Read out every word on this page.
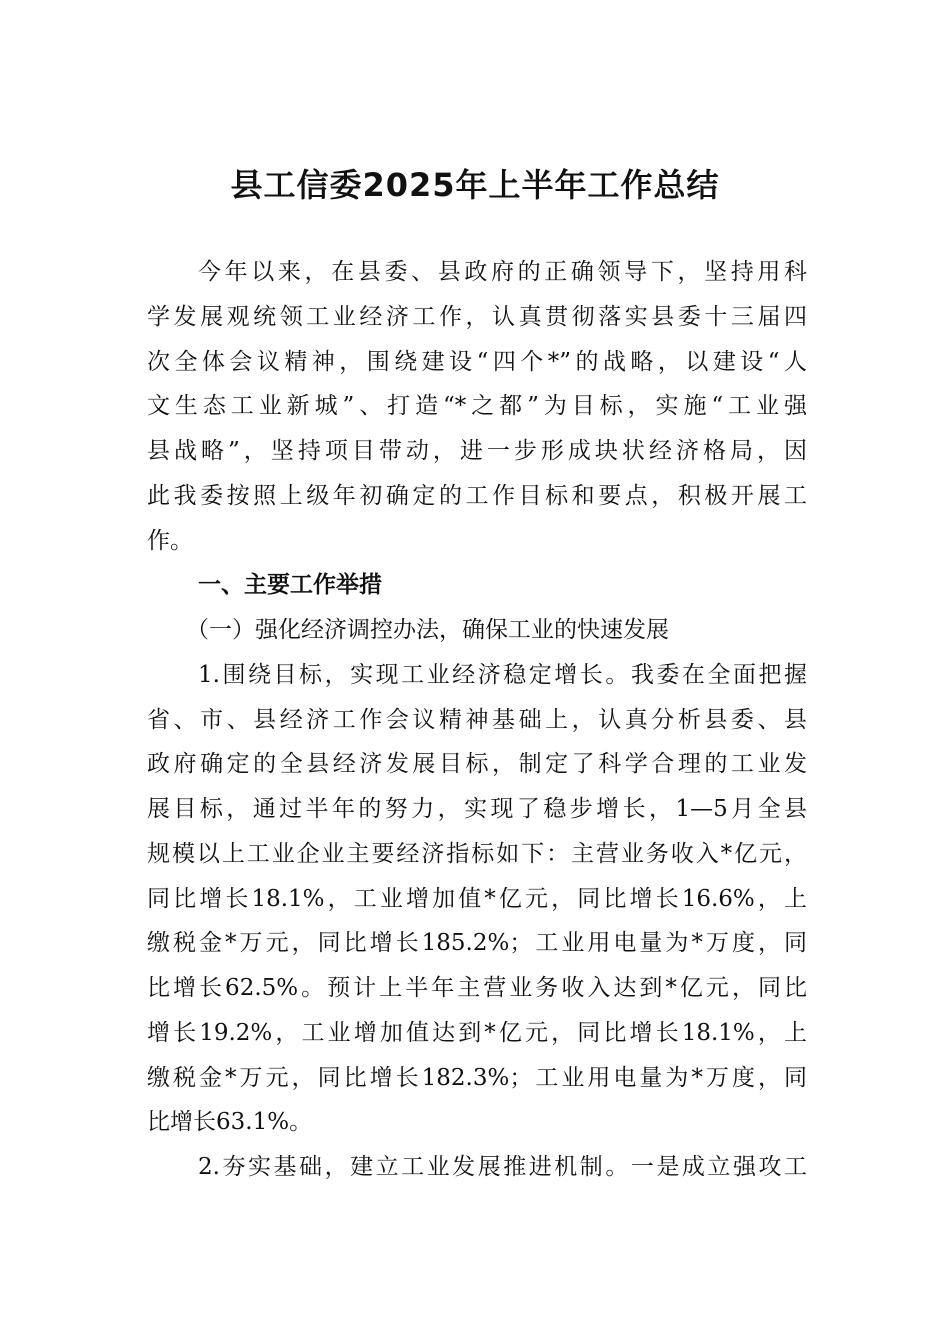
县工信委2025年上半年工作总结
今年以来，在县委、县政府的正确领导下，坚持用科
学发展观统领工业经济工作，认真贯彻落实县委十三届四
次全体会议精神，围绕建设“四个*”的战略，以建设“人
文生态工业新城”、打造“*之都”为目标，实施“工业强
县战略”，坚持项目带动，进一步形成块状经济格局，因
此我委按照上级年初确定的工作目标和要点，积极开展工
作。
一、主要工作举措
（一）强化经济调控办法，确保工业的快速发展
1.围绕目标，实现工业经济稳定增长。我委在全面把握
省、市、县经济工作会议精神基础上，认真分析县委、县
政府确定的全县经济发展目标，制定了科学合理的工业发
展目标，通过半年的努力，实现了稳步增长，1—5月全县
规模以上工业企业主要经济指标如下：主营业务收入*亿元，
同比增长18.1%，工业增加值*亿元，同比增长16.6%，上
缴税金*万元，同比增长185.2%；工业用电量为*万度，同
比增长62.5%。预计上半年主营业务收入达到*亿元，同比
增长19.2%，工业增加值达到*亿元，同比增长18.1%，上
缴税金*万元，同比增长182.3%；工业用电量为*万度，同
比增长63.1%。
2.夯实基础，建立工业发展推进机制。一是成立强攻工
